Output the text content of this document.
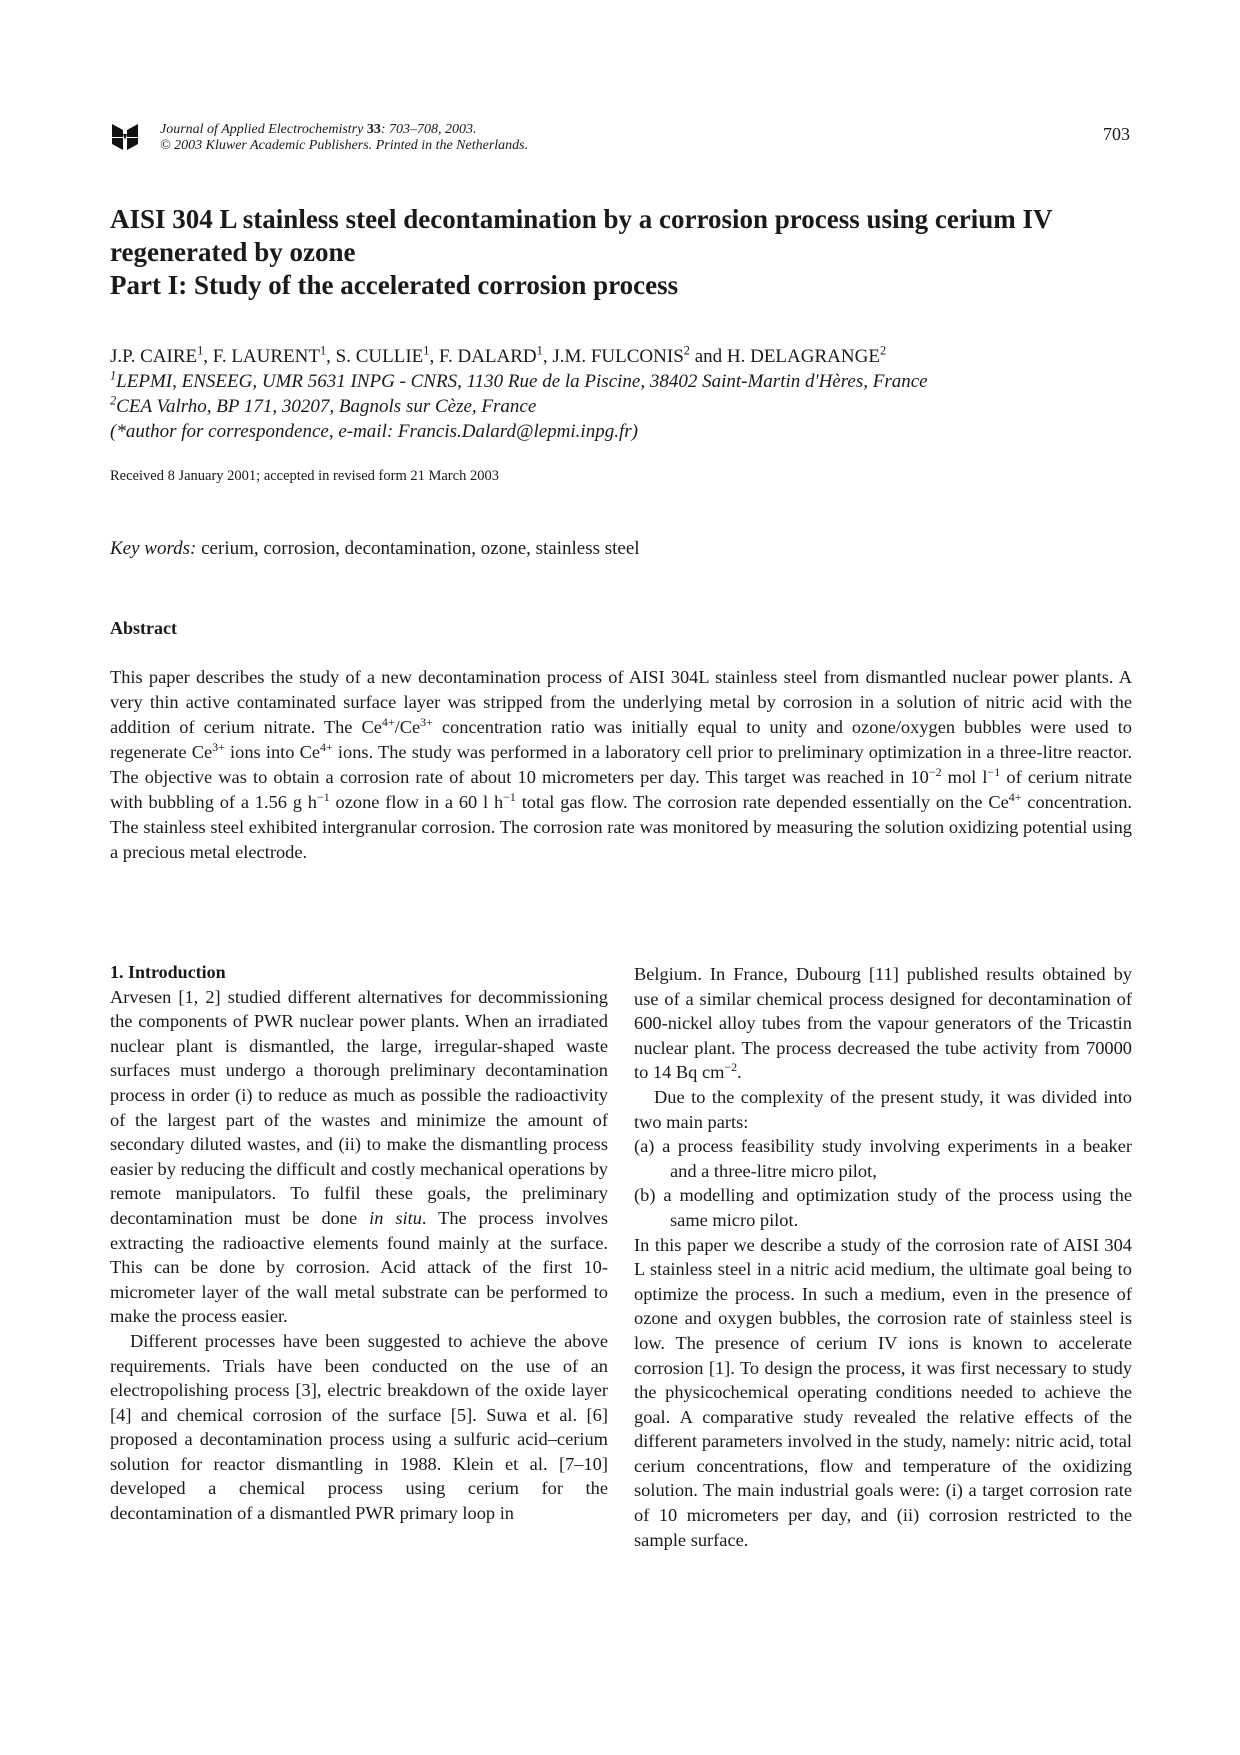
Journal of Applied Electrochemistry 33: 703–708, 2003.
© 2003 Kluwer Academic Publishers. Printed in the Netherlands.
703
AISI 304 L stainless steel decontamination by a corrosion process using cerium IV
regenerated by ozone
Part I: Study of the accelerated corrosion process
J.P. CAIRE$^1$, F. LAURENT$^1$, S. CULLIE$^1$, F. DALARD$^1$, J.M. FULCONIS$^2$ and H. DELAGRANGE$^2$
$^1$LEPMI, ENSEEG, UMR 5631 INPG - CNRS, 1130 Rue de la Piscine, 38402 Saint-Martin d'Hères, France
$^2$CEA Valrho, BP 171, 30207, Bagnols sur Cèze, France
(*author for correspondence, e-mail: Francis.Dalard@lepmi.inpg.fr)
Received 8 January 2001; accepted in revised form 21 March 2003
Key words: cerium, corrosion, decontamination, ozone, stainless steel
Abstract

This paper describes the study of a new decontamination process of AISI 304L stainless steel from dismantled nuclear power plants. A very thin active contaminated surface layer was stripped from the underlying metal by corrosion in a solution of nitric acid with the addition of cerium nitrate. The $Ce^{4+}/Ce^{3+}$ concentration ratio was initially equal to unity and ozone/oxygen bubbles were used to regenerate $Ce^{3+}$ ions into $Ce^{4+}$ ions. The study was performed in a laboratory cell prior to preliminary optimization in a three-litre reactor. The objective was to obtain a corrosion rate of about 10 micrometers per day. This target was reached in $10^{-2}$ mol $l^{-1}$ of cerium nitrate with bubbling of a 1.56 g $h^{-1}$ ozone flow in a 60 l $h^{-1}$ total gas flow. The corrosion rate depended essentially on the $Ce^{4+}$ concentration. The stainless steel exhibited intergranular corrosion. The corrosion rate was monitored by measuring the solution oxidizing potential using a precious metal electrode.

1. Introduction

Arvesen [1, 2] studied different alternatives for decommissioning the components of PWR nuclear power plants. When an irradiated nuclear plant is dismantled, the large, irregular-shaped waste surfaces must undergo a thorough preliminary decontamination process in order (i) to reduce as much as possible the radioactivity of the largest part of the wastes and minimize the amount of secondary diluted wastes, and (ii) to make the dismantling process easier by reducing the difficult and costly mechanical operations by remote manipulators. To fulfil these goals, the preliminary decontamination must be done in situ. The process involves extracting the radioactive elements found mainly at the surface. This can be done by corrosion. Acid attack of the first 10-micrometer layer of the wall metal substrate can be performed to make the process easier.

Different processes have been suggested to achieve the above requirements. Trials have been conducted on the use of an electropolishing process [3], electric breakdown of the oxide layer [4] and chemical corrosion of the surface [5]. Suwa et al. [6] proposed a decontamination process using a sulfuric acid–cerium solution for reactor dismantling in 1988. Klein et al. [7–10] developed a chemical process using cerium for the decontamination of a dismantled PWR primary loop in

Belgium. In France, Dubourg [11] published results obtained by use of a similar chemical process designed for decontamination of 600-nickel alloy tubes from the vapour generators of the Tricastin nuclear plant. The process decreased the tube activity from 70000 to 14 Bq $cm^{-2}$.

Due to the complexity of the present study, it was divided into two main parts:

(a) a process feasibility study involving experiments in a beaker and a three-litre micro pilot,

(b) a modelling and optimization study of the process using the same micro pilot.

In this paper we describe a study of the corrosion rate of AISI 304 L stainless steel in a nitric acid medium, the ultimate goal being to optimize the process. In such a medium, even in the presence of ozone and oxygen bubbles, the corrosion rate of stainless steel is low. The presence of cerium IV ions is known to accelerate corrosion [1]. To design the process, it was first necessary to study the physicochemical operating conditions needed to achieve the goal. A comparative study revealed the relative effects of the different parameters involved in the study, namely: nitric acid, total cerium concentrations, flow and temperature of the oxidizing solution. The main industrial goals were: (i) a target corrosion rate of 10 micrometers per day, and (ii) corrosion restricted to the sample surface.
